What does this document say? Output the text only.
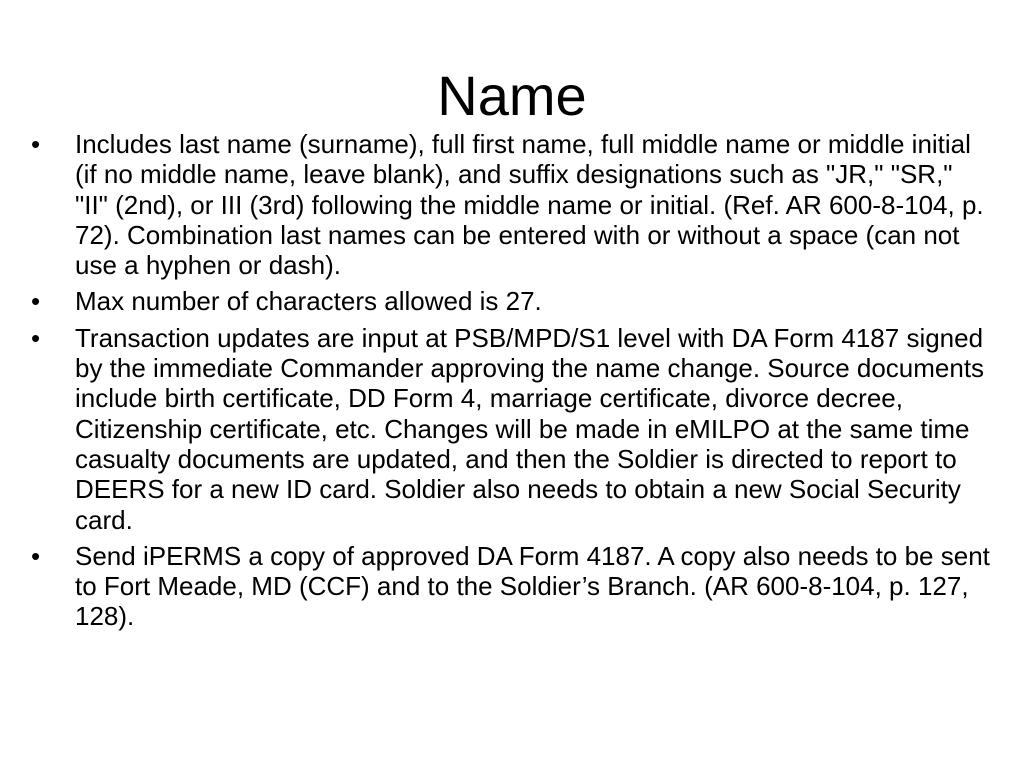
Name
• Includes last name (surname), full first name, full middle name or middle initial (if no middle name, leave blank), and suffix designations such as "JR," "SR," "II" (2nd), or III (3rd) following the middle name or initial. (Ref. AR 600-8-104, p. 72). Combination last names can be entered with or without a space (can not use a hyphen or dash).
• Max number of characters allowed is 27.
• Transaction updates are input at PSB/MPD/S1 level with DA Form 4187 signed by the immediate Commander approving the name change. Source documents include birth certificate, DD Form 4, marriage certificate, divorce decree, Citizenship certificate, etc. Changes will be made in eMILPO at the same time casualty documents are updated, and then the Soldier is directed to report to DEERS for a new ID card. Soldier also needs to obtain a new Social Security card.
• Send iPERMS a copy of approved DA Form 4187. A copy also needs to be sent to Fort Meade, MD (CCF) and to the Soldier’s Branch. (AR 600-8-104, p. 127, 128).
